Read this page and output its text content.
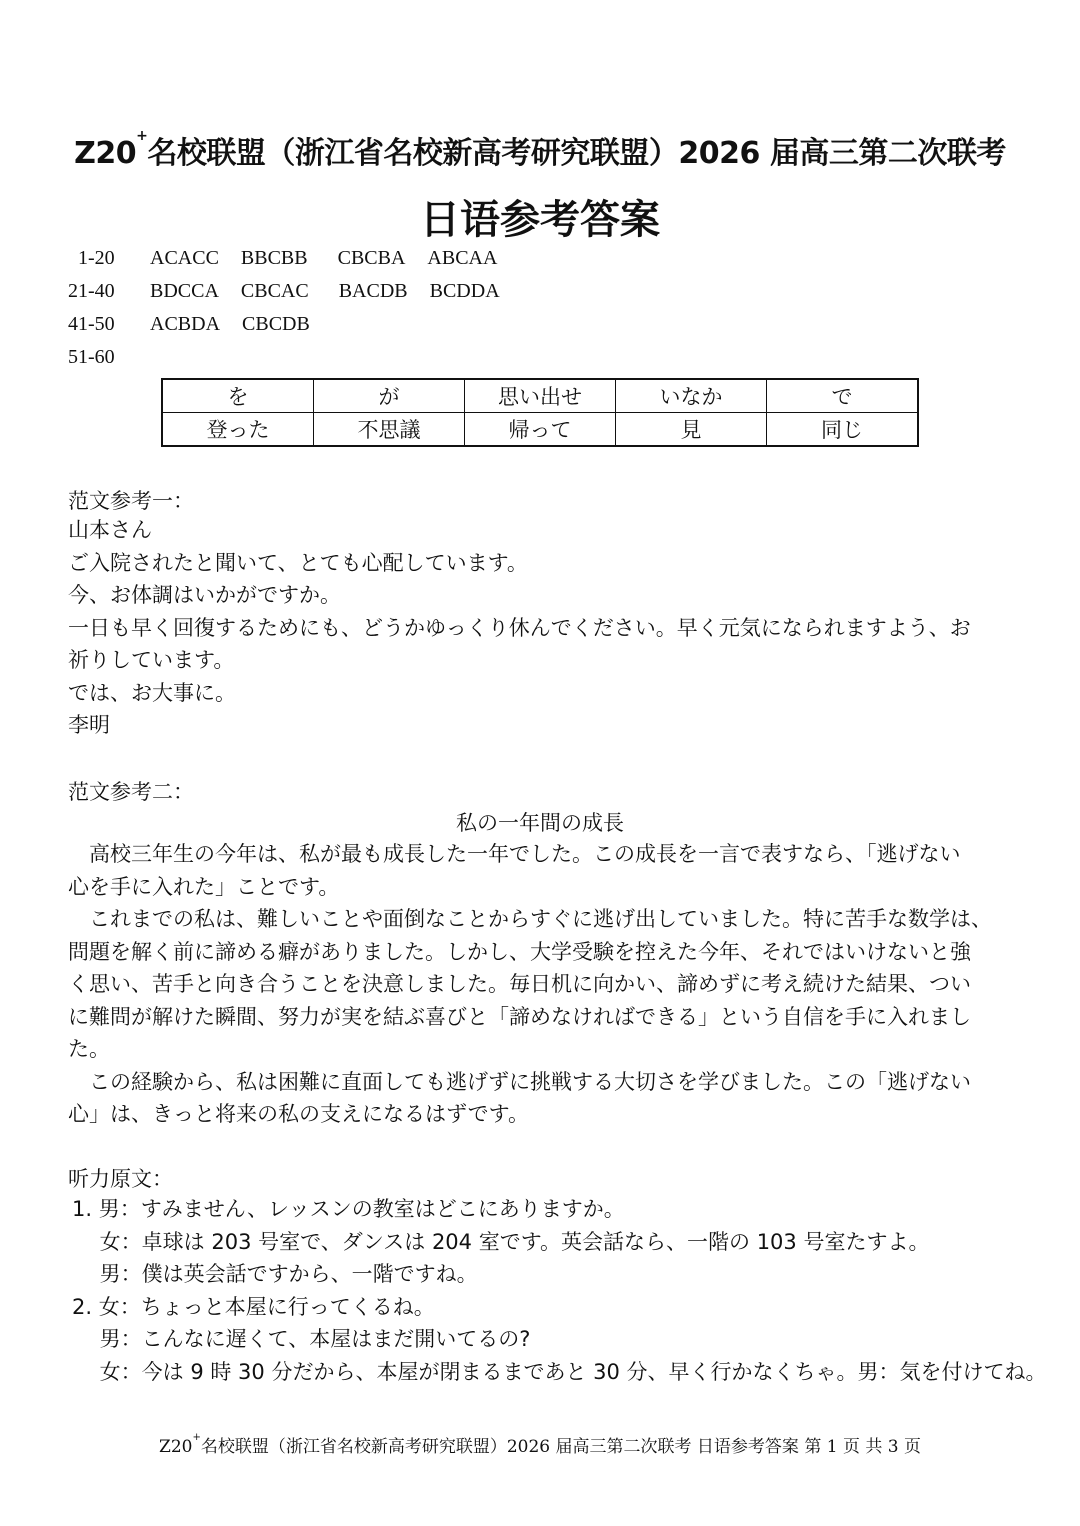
Z20+名校联盟（浙江省名校新高考研究联盟）2026 届高三第二次联考
日语参考答案
1-20 ACACC BBCBB CBCBA ABCAA
21-40 BDCCA CBCAC BACDB BCDDA
41-50 ACBDA CBCDB
51-60
を	が	思い出せ	いなか	で
登った	不思議	帰って	見	同じ
范文参考一：
山本さん
ご入院されたと聞いて、とても心配しています。
今、お体調はいかがですか。
一日も早く回復するためにも、どうかゆっくり休んでください。早く元気になられますよう、お
祈りしています。
では、お大事に。
李明
范文参考二：
私の一年間の成長
　高校三年生の今年は、私が最も成長した一年でした。この成長を一言で表すなら、「逃げない
心を手に入れた」ことです。
　これまでの私は、難しいことや面倒なことからすぐに逃げ出していました。特に苦手な数学は、
問題を解く前に諦める癖がありました。しかし、大学受験を控えた今年、それではいけないと強
く思い、苦手と向き合うことを決意しました。毎日机に向かい、諦めずに考え続けた結果、つい
に難問が解けた瞬間、努力が実を結ぶ喜びと「諦めなければできる」という自信を手に入れまし
た。
　この経験から、私は困難に直面しても逃げずに挑戦する大切さを学びました。この「逃げない
心」は、きっと将来の私の支えになるはずです。
听力原文：
1. 男：すみません、レッスンの教室はどこにありますか。
　 女：卓球は 203 号室で、ダンスは 204 室です。英会話なら、一階の 103 号室たすよ。
　 男：僕は英会話ですから、一階ですね。
2. 女：ちょっと本屋に行ってくるね。
　 男：こんなに遅くて、本屋はまだ開いてるの?
　 女：今は 9 時 30 分だから、本屋が閉まるまであと 30 分、早く行かなくちゃ。男：気を付けてね。
Z20+名校联盟（浙江省名校新高考研究联盟）2026 届高三第二次联考 日语参考答案 第 1 页 共 3 页
